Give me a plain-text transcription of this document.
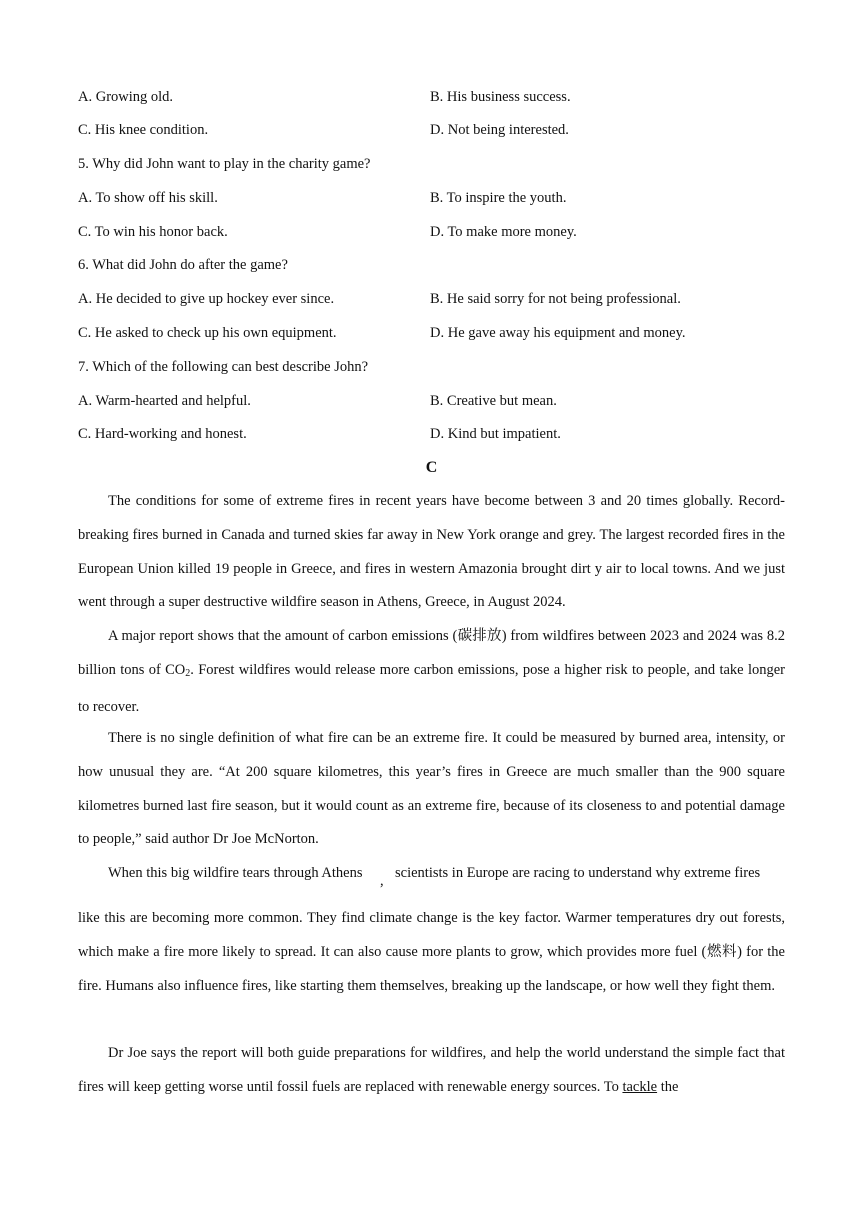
A. Growing old.	B. His business success.
C. His knee condition.	D. Not being interested.
5. Why did John want to play in the charity game?
A. To show off his skill.	B. To inspire the youth.
C. To win his honor back.	D. To make more money.
6. What did John do after the game?
A. He decided to give up hockey ever since.	B. He said sorry for not being professional.
C. He asked to check up his own equipment.	D. He gave away his equipment and money.
7. Which of the following can best describe John?
A. Warm-hearted and helpful.	B. Creative but mean.
C. Hard-working and honest.	D. Kind but impatient.
C

The conditions for some of extreme fires in recent years have become between 3 and 20 times globally. Record-breaking fires burned in Canada and turned skies far away in New York orange and grey. The largest recorded fires in the European Union killed 19 people in Greece, and fires in western Amazonia brought dirt y air to local towns. And we just went through a super destructive wildfire season in Athens, Greece, in August 2024.

A major report shows that the amount of carbon emissions (碳排放) from wildfires between 2023 and 2024 was 8.2 billion tons of $CO_2$. Forest wildfires would release more carbon emissions, pose a higher risk to people, and take longer to recover.

There is no single definition of what fire can be an extreme fire. It could be measured by burned area, intensity, or how unusual they are. “At 200 square kilometres, this year’s fires in Greece are much smaller than the 900 square kilometres burned last fire season, but it would count as an extreme fire, because of its closeness to and potential damage to people,” said author Dr Joe McNorton.

When this big wildfire tears through Athens , scientists in Europe are racing to understand why extreme fires

like this are becoming more common. They find climate change is the key factor. Warmer temperatures dry out forests, which make a fire more likely to spread. It can also cause more plants to grow, which provides more fuel (燃料) for the fire. Humans also influence fires, like starting them themselves, breaking up the landscape, or how well they fight them.

Dr Joe says the report will both guide preparations for wildfires, and help the world understand the simple fact that fires will keep getting worse until fossil fuels are replaced with renewable energy sources. To tackle the
